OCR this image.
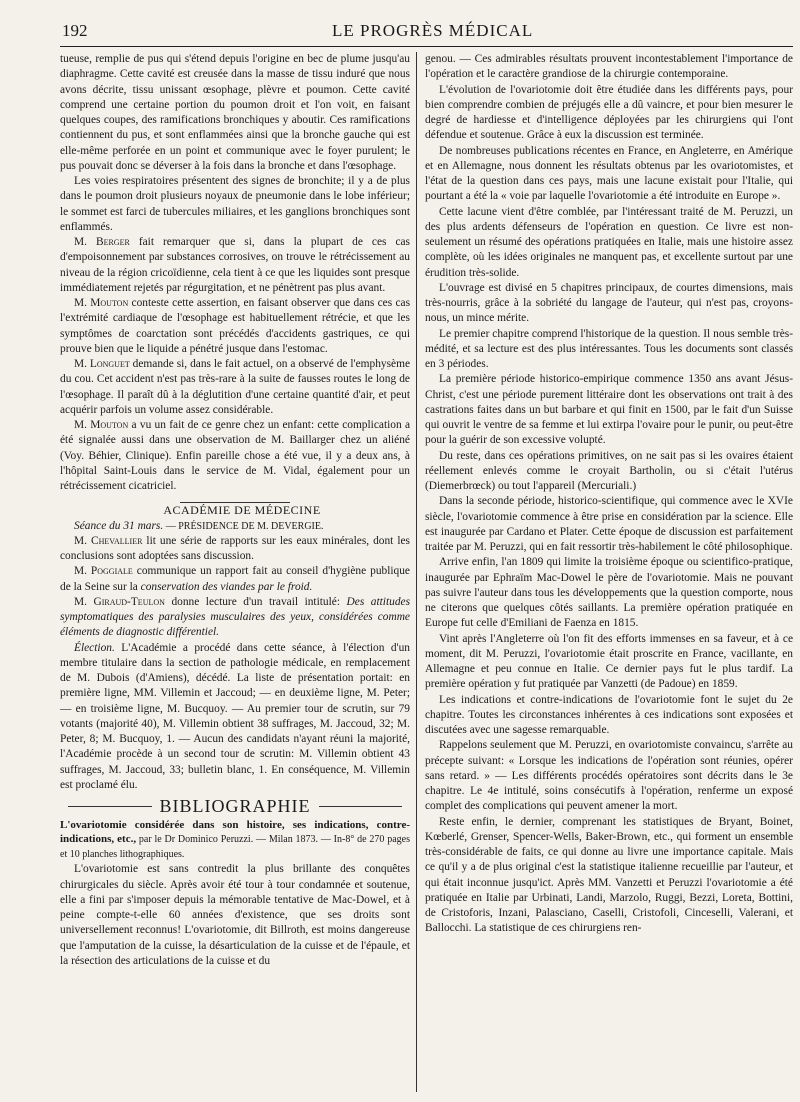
192	LE PROGRÈS MÉDICAL

tueuse, remplie de pus qui s'étend depuis l'origine en bec de plume jusqu'au diaphragme. Cette cavité est creusée dans la masse de tissu induré que nous avons décrite, tissu unissant œsophage, plèvre et poumon. Cette cavité comprend une certaine portion du poumon droit et l'on voit, en faisant quelques coupes, des ramifications bronchiques y aboutir. Ces ramifications contiennent du pus, et sont enflammées ainsi que la bronche gauche qui est elle-même perforée en un point et communique avec le foyer purulent; le pus pouvait donc se déverser à la fois dans la bronche et dans l'œsophage.

Les voies respiratoires présentent des signes de bronchite; il y a de plus dans le poumon droit plusieurs noyaux de pneumonie dans le lobe inférieur; le sommet est farci de tubercules miliaires, et les ganglions bronchiques sont enflammés.

M. Berger fait remarquer que si, dans la plupart de ces cas d'empoisonnement par substances corrosives, on trouve le rétrécissement au niveau de la région cricoïdienne, cela tient à ce que les liquides sont presque immédiatement rejetés par régurgitation, et ne pénètrent pas plus avant.

M. Mouton conteste cette assertion, en faisant observer que dans ces cas l'extrémité cardiaque de l'œsophage est habituellement rétrécie, et que les symptômes de coarctation sont précédés d'accidents gastriques, ce qui prouve bien que le liquide a pénétré jusque dans l'estomac.

M. Longuet demande si, dans le fait actuel, on a observé de l'emphysème du cou. Cet accident n'est pas très-rare à la suite de fausses routes le long de l'œsophage. Il paraît dû à la déglutition d'une certaine quantité d'air, et peut acquérir parfois un volume assez considérable.

M. Mouton a vu un fait de ce genre chez un enfant: cette complication a été signalée aussi dans une observation de M. Baillarger chez un aliéné (Voy. Béhier, Clinique). Enfin pareille chose a été vue, il y a deux ans, à l'hôpital Saint-Louis dans le service de M. Vidal, également pour un rétrécissement cicatriciel.

ACADÉMIE DE MÉDECINE

Séance du 31 mars. — PRÉSIDENCE DE M. DEVERGIE.

M. Chevallier lit une série de rapports sur les eaux minérales, dont les conclusions sont adoptées sans discussion.

M. Poggiale communique un rapport fait au conseil d'hygiène publique de la Seine sur la conservation des viandes par le froid.

M. Giraud-Teulon donne lecture d'un travail intitulé: Des attitudes symptomatiques des paralysies musculaires des yeux, considérées comme éléments de diagnostic différentiel.

Élection. L'Académie a procédé dans cette séance, à l'élection d'un membre titulaire dans la section de pathologie médicale, en remplacement de M. Dubois (d'Amiens), décédé. La liste de présentation portait: en première ligne, MM. Villemin et Jaccoud; — en deuxième ligne, M. Peter; — en troisième ligne, M. Bucquoy. — Au premier tour de scrutin, sur 79 votants (majorité 40), M. Villemin obtient 38 suffrages, M. Jaccoud, 32; M. Peter, 8; M. Bucquoy, 1. — Aucun des candidats n'ayant réuni la majorité, l'Académie procède à un second tour de scrutin: M. Villemin obtient 43 suffrages, M. Jaccoud, 33; bulletin blanc, 1. En conséquence, M. Villemin est proclamé élu.

BIBLIOGRAPHIE

L'ovariotomie considérée dans son histoire, ses indications, contre-indications, etc., par le Dr Dominico Peruzzi. — Milan 1873. — In-8° de 270 pages et 10 planches lithographiques.

L'ovariotomie est sans contredit la plus brillante des conquêtes chirurgicales du siècle. Après avoir été tour à tour condamnée et soutenue, elle a fini par s'imposer depuis la mémorable tentative de Mac-Dowel, et à peine compte-t-elle 60 années d'existence, que ses droits sont universellement reconnus! L'ovariotomie, dit Billroth, est moins dangereuse que l'amputation de la cuisse, la désarticulation de la cuisse et de l'épaule, et la résection des articulations de la cuisse et du

genou. — Ces admirables résultats prouvent incontestablement l'importance de l'opération et le caractère grandiose de la chirurgie contemporaine.

L'évolution de l'ovariotomie doit être étudiée dans les différents pays, pour bien comprendre combien de préjugés elle a dû vaincre, et pour bien mesurer le degré de hardiesse et d'intelligence déployées par les chirurgiens qui l'ont défendue et soutenue. Grâce à eux la discussion est terminée.

De nombreuses publications récentes en France, en Angleterre, en Amérique et en Allemagne, nous donnent les résultats obtenus par les ovariotomistes, et l'état de la question dans ces pays, mais une lacune existait pour l'Italie, qui pourtant a été la « voie par laquelle l'ovariotomie a été introduite en Europe ».

Cette lacune vient d'être comblée, par l'intéressant traité de M. Peruzzi, un des plus ardents défenseurs de l'opération en question. Ce livre est non-seulement un résumé des opérations pratiquées en Italie, mais une histoire assez complète, où les idées originales ne manquent pas, et excellente surtout par une érudition très-solide.

L'ouvrage est divisé en 5 chapitres principaux, de courtes dimensions, mais très-nourris, grâce à la sobriété du langage de l'auteur, qui n'est pas, croyons-nous, un mince mérite.

Le premier chapitre comprend l'historique de la question. Il nous semble très-médité, et sa lecture est des plus intéressantes. Tous les documents sont classés en 3 périodes.

La première période historico-empirique commence 1350 ans avant Jésus-Christ, c'est une période purement littéraire dont les observations ont trait à des castrations faites dans un but barbare et qui finit en 1500, par le fait d'un Suisse qui ouvrit le ventre de sa femme et lui extirpa l'ovaire pour le punir, ou peut-être pour la guérir de son excessive volupté.

Du reste, dans ces opérations primitives, on ne sait pas si les ovaires étaient réellement enlevés comme le croyait Bartholin, ou si c'était l'utérus (Diemerbrœck) ou tout l'appareil (Mercuriali.)

Dans la seconde période, historico-scientifique, qui commence avec le XVIe siècle, l'ovariotomie commence à être prise en considération par la science. Elle est inaugurée par Cardano et Plater. Cette époque de discussion est parfaitement traitée par M. Peruzzi, qui en fait ressortir très-habilement le côté philosophique.

Arrive enfin, l'an 1809 qui limite la troisième époque ou scientifico-pratique, inaugurée par Ephraïm Mac-Dowel le père de l'ovariotomie. Mais ne pouvant pas suivre l'auteur dans tous les développements que la question comporte, nous ne citerons que quelques côtés saillants. La première opération pratiquée en Europe fut celle d'Emiliani de Faenza en 1815.

Vint après l'Angleterre où l'on fit des efforts immenses en sa faveur, et à ce moment, dit M. Peruzzi, l'ovariotomie était proscrite en France, vacillante, en Allemagne et peu connue en Italie. Ce dernier pays fut le plus tardif. La première opération y fut pratiquée par Vanzetti (de Padoue) en 1859.

Les indications et contre-indications de l'ovariotomie font le sujet du 2e chapitre. Toutes les circonstances inhérentes à ces indications sont exposées et discutées avec une sagesse remarquable.

Rappelons seulement que M. Peruzzi, en ovariotomiste convaincu, s'arrête au précepte suivant: « Lorsque les indications de l'opération sont réunies, opérer sans retard. » — Les différents procédés opératoires sont décrits dans le 3e chapitre. Le 4e intitulé, soins consécutifs à l'opération, renferme un exposé complet des complications qui peuvent amener la mort.

Reste enfin, le dernier, comprenant les statistiques de Bryant, Boinet, Kœberlé, Grenser, Spencer-Wells, Baker-Brown, etc., qui forment un ensemble très-considérable de faits, ce qui donne au livre une importance capitale. Mais ce qu'il y a de plus original c'est la statistique italienne recueillie par l'auteur, et qui était inconnue jusqu'ict. Après MM. Vanzetti et Peruzzi l'ovariotomie a été pratiquée en Italie par Urbinati, Landi, Marzolo, Ruggi, Bezzi, Loreta, Bottini, de Cristoforis, Inzani, Palasciano, Caselli, Cristofoli, Cinceselli, Valerani, et Ballocchi. La statistique de ces chirurgiens ren-
